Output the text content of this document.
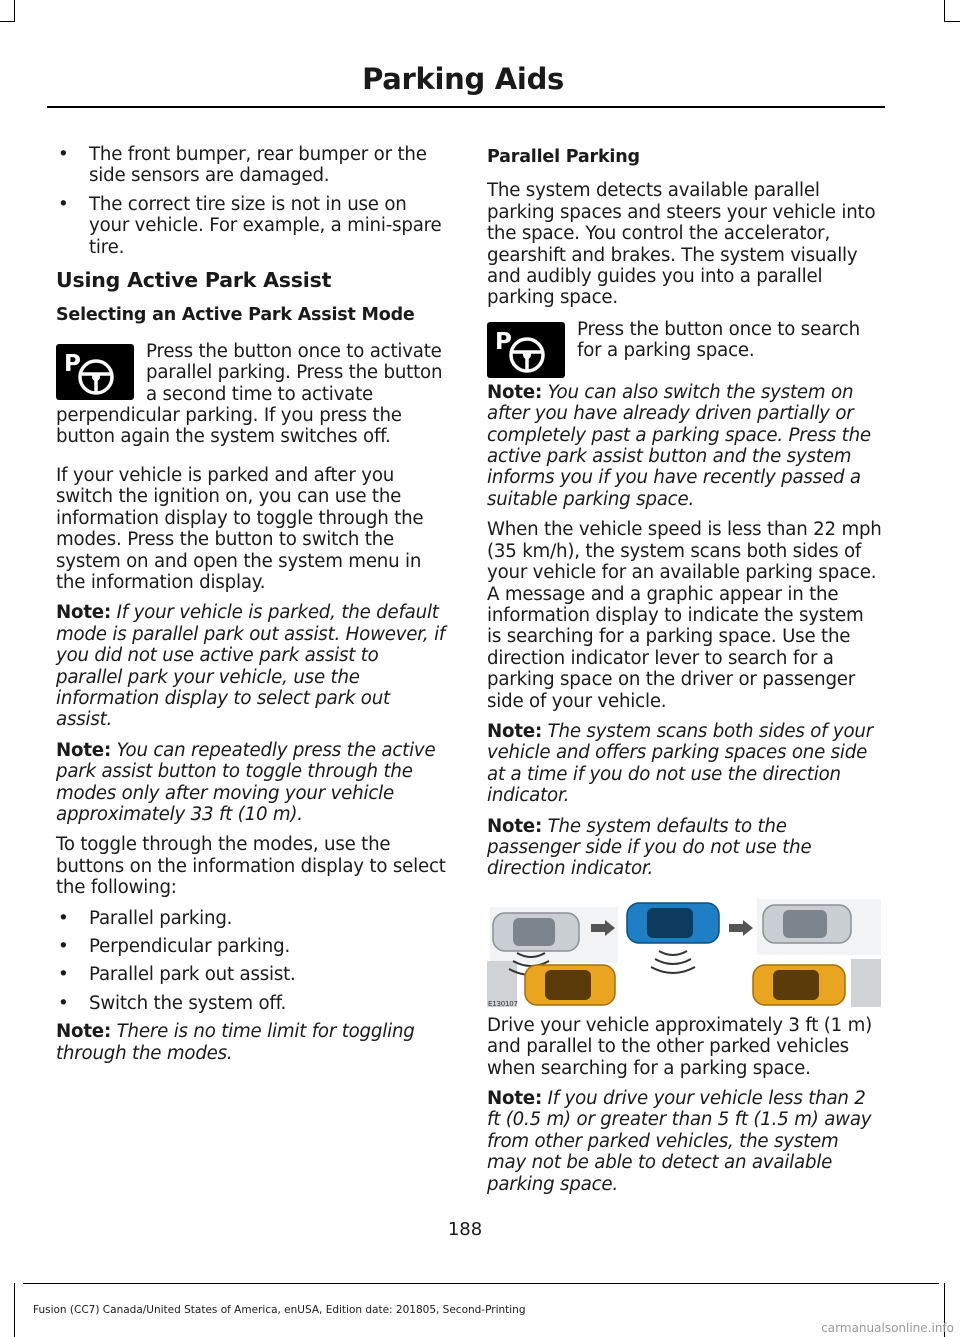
Parking Aids
• The front bumper, rear bumper or the side sensors are damaged.
• The correct tire size is not in use on your vehicle. For example, a mini-spare tire.
Using Active Park Assist
Selecting an Active Park Assist Mode

P	Press the button once to activate parallel parking. Press the button a second time to activate perpendicular parking. If you press the button again the system switches off.

If your vehicle is parked and after you switch the ignition on, you can use the information display to toggle through the modes. Press the button to switch the system on and open the system menu in the information display.

Note: If your vehicle is parked, the default mode is parallel park out assist. However, if you did not use active park assist to parallel park your vehicle, use the information display to select park out assist.

Note: You can repeatedly press the active park assist button to toggle through the modes only after moving your vehicle approximately 33 ft (10 m).

To toggle through the modes, use the buttons on the information display to select the following:

• Parallel parking.
• Perpendicular parking.
• Parallel park out assist.
• Switch the system off.

Note: There is no time limit for toggling through the modes.

Parallel Parking

The system detects available parallel parking spaces and steers your vehicle into the space. You control the accelerator, gearshift and brakes. The system visually and audibly guides you into a parallel parking space.

P	Press the button once to search for a parking space.

Note: You can also switch the system on after you have already driven partially or completely past a parking space. Press the active park assist button and the system informs you if you have recently passed a suitable parking space.

When the vehicle speed is less than 22 mph (35 km/h), the system scans both sides of your vehicle for an available parking space. A message and a graphic appear in the information display to indicate the system is searching for a parking space. Use the direction indicator lever to search for a parking space on the driver or passenger side of your vehicle.

Note: The system scans both sides of your vehicle and offers parking spaces one side at a time if you do not use the direction indicator.

Note: The system defaults to the passenger side if you do not use the direction indicator.

E130107

Drive your vehicle approximately 3 ft (1 m) and parallel to the other parked vehicles when searching for a parking space.

Note: If you drive your vehicle less than 2 ft (0.5 m) or greater than 5 ft (1.5 m) away from other parked vehicles, the system may not be able to detect an available parking space.

188
Fusion (CC7) Canada/United States of America, enUSA, Edition date: 201805, Second-Printing
carmanualsonline.info
